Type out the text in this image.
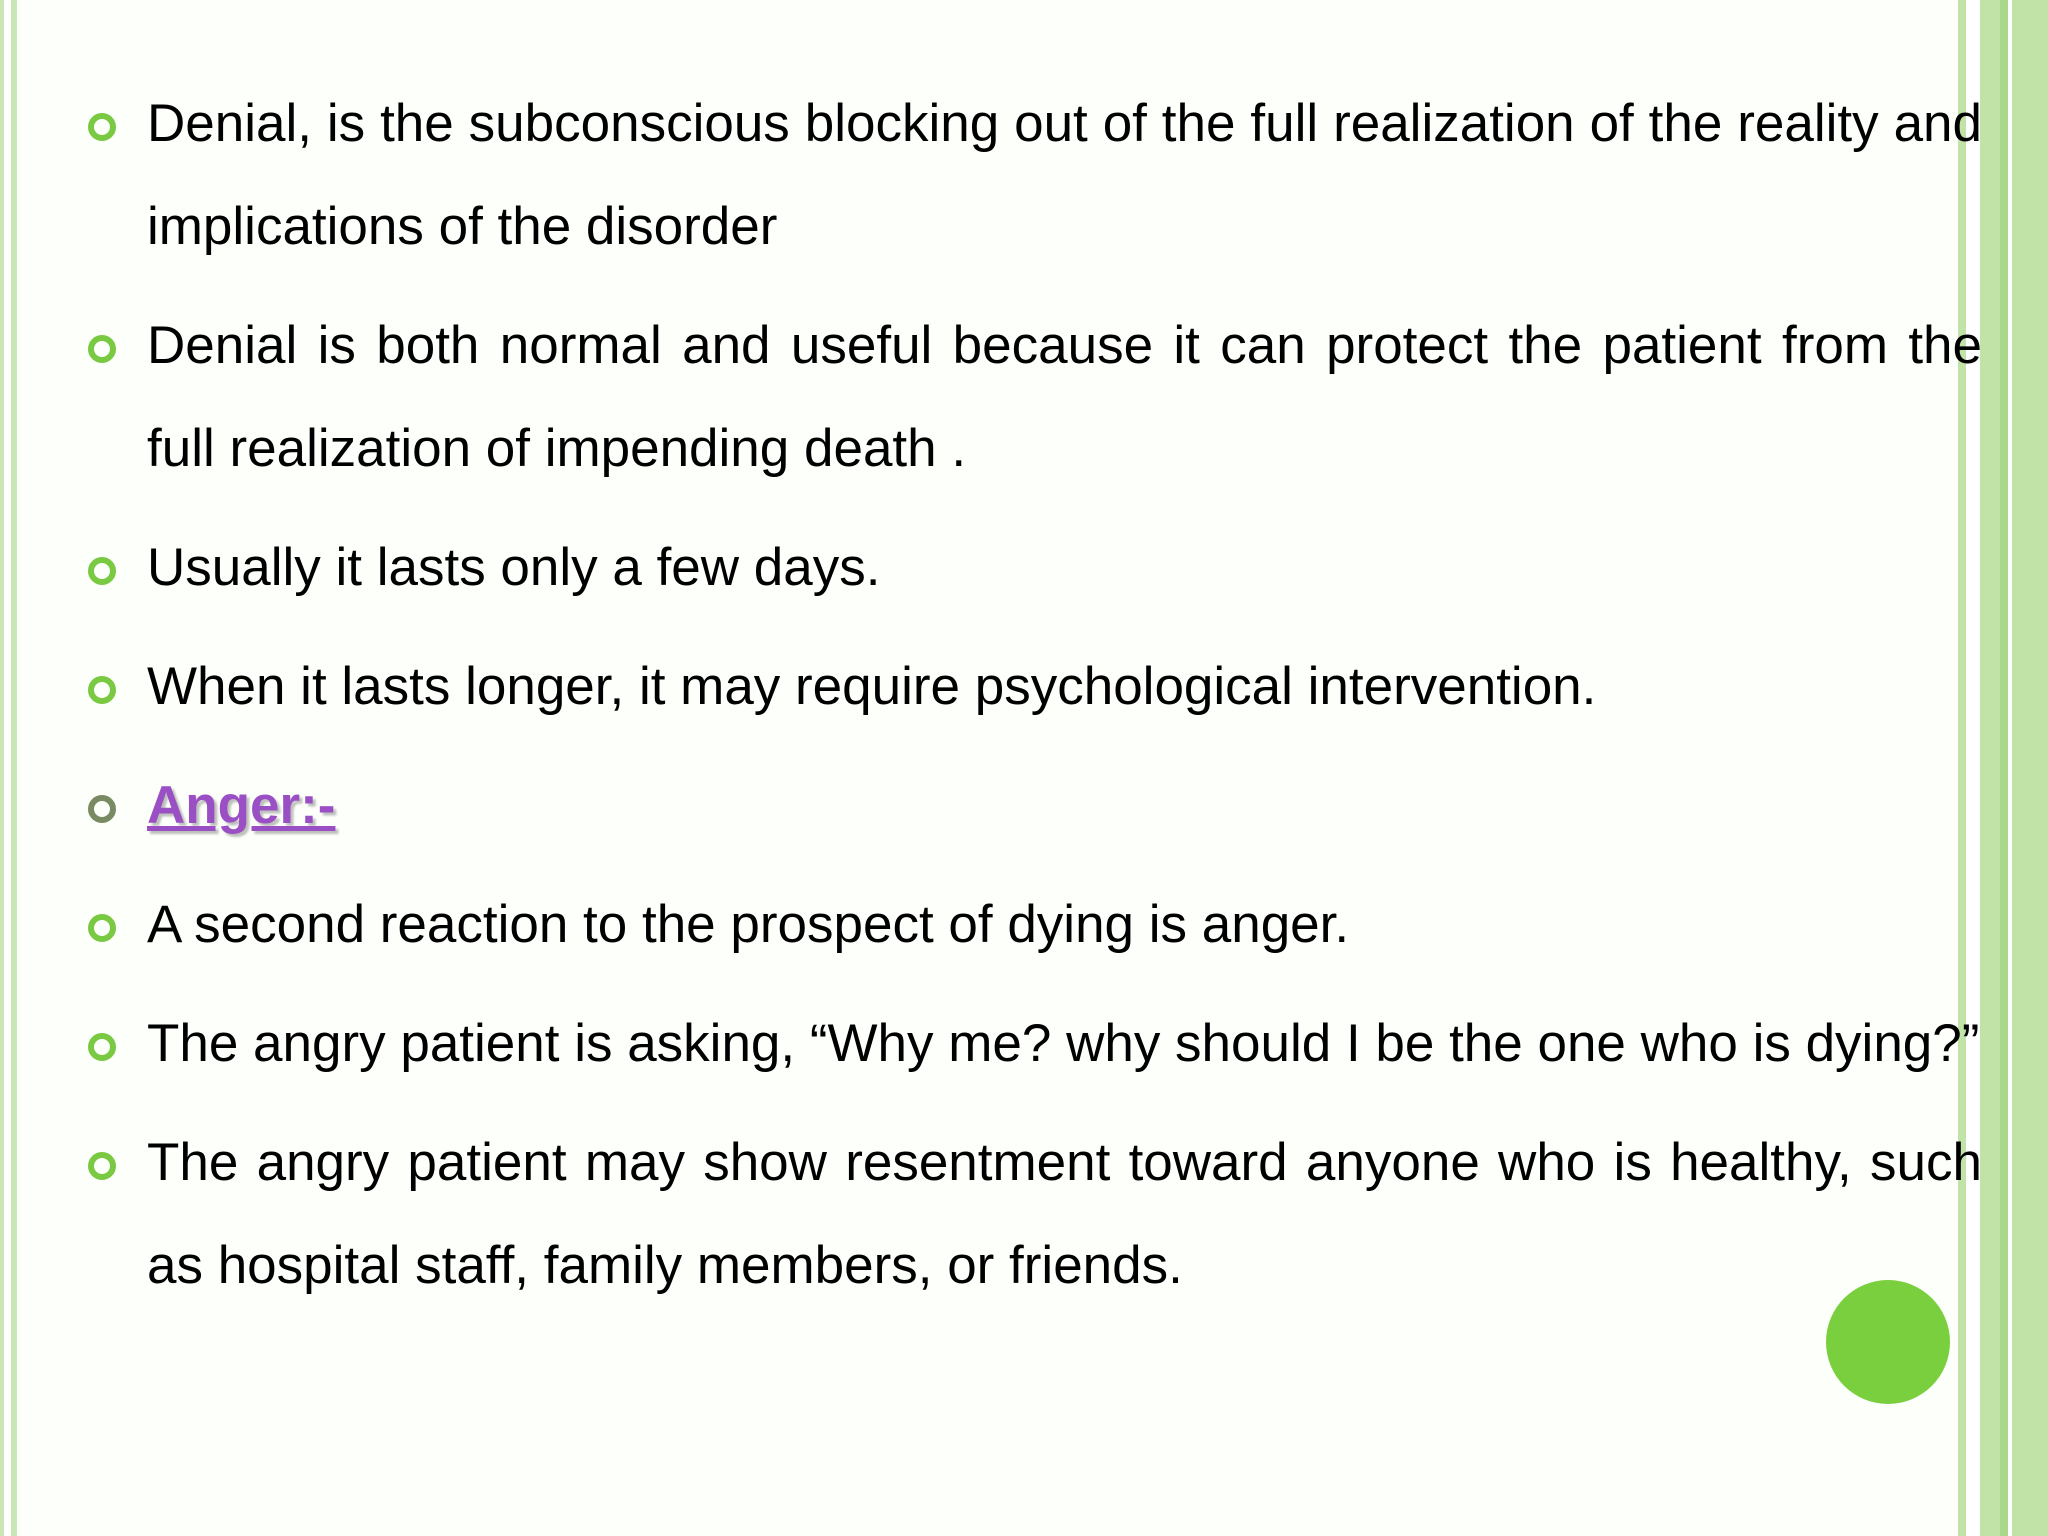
Denial, is the subconscious blocking out of the full realization of the reality and implications of the disorder
Denial is both normal and useful because it can protect the patient from the full realization of impending death .
Usually it lasts only a few days.
When it lasts longer, it may require psychological intervention.
Anger:-
A second reaction to the prospect of dying is anger.
The angry patient is asking, “Why me? why should I be the one who is dying?”
The angry patient may show resentment toward anyone who is healthy, such as hospital staff, family members, or friends.
